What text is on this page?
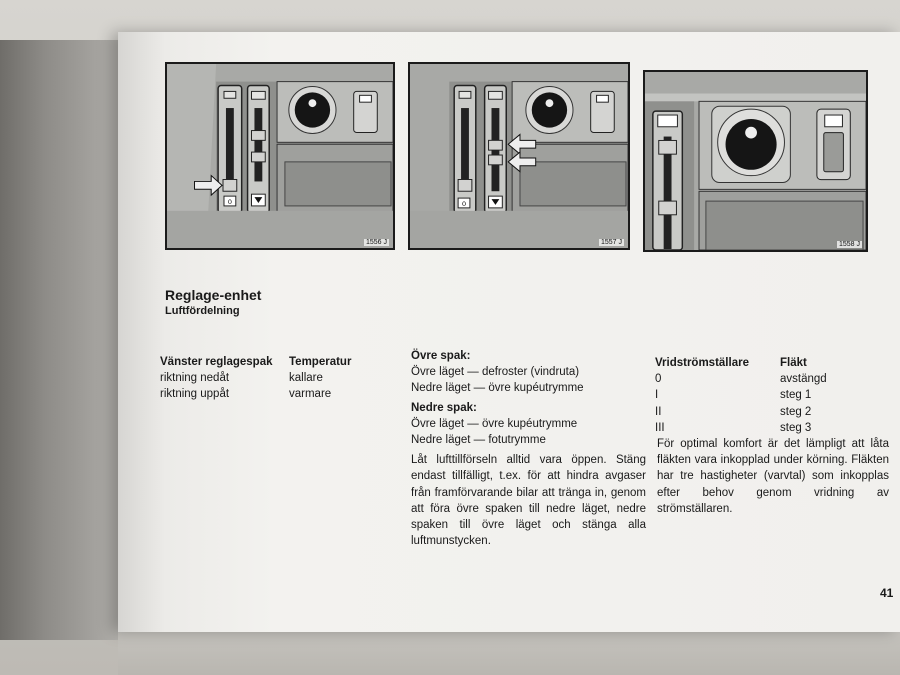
0
1556 J
0
1557 J	1558 J
Reglage-enhet
Luftfördelning
Vänster reglagespak
riktning nedåt
riktning uppåt
Temperatur
kallare
varmare
Övre spak:
Övre läget — defroster (vindruta)
Nedre läget — övre kupéutrymme
Nedre spak:
Övre läget — övre kupéutrymme
Nedre läget — fotutrymme
Låt lufttillförseln alltid vara öppen. Stäng endast tillfälligt, t.ex. för att hindra avgaser från framförvarande bilar att tränga in, genom att föra övre spaken till nedre läget, nedre spaken till övre läget och stänga alla luftmunstycken.
Vridströmställare
0
I
II
III
Fläkt
avstängd
steg 1
steg 2
steg 3
För optimal komfort är det lämpligt att låta fläkten vara inkopplad under körning. Fläkten har tre hastigheter (varvtal) som inkopplas efter behov genom vridning av strömställaren.
41
